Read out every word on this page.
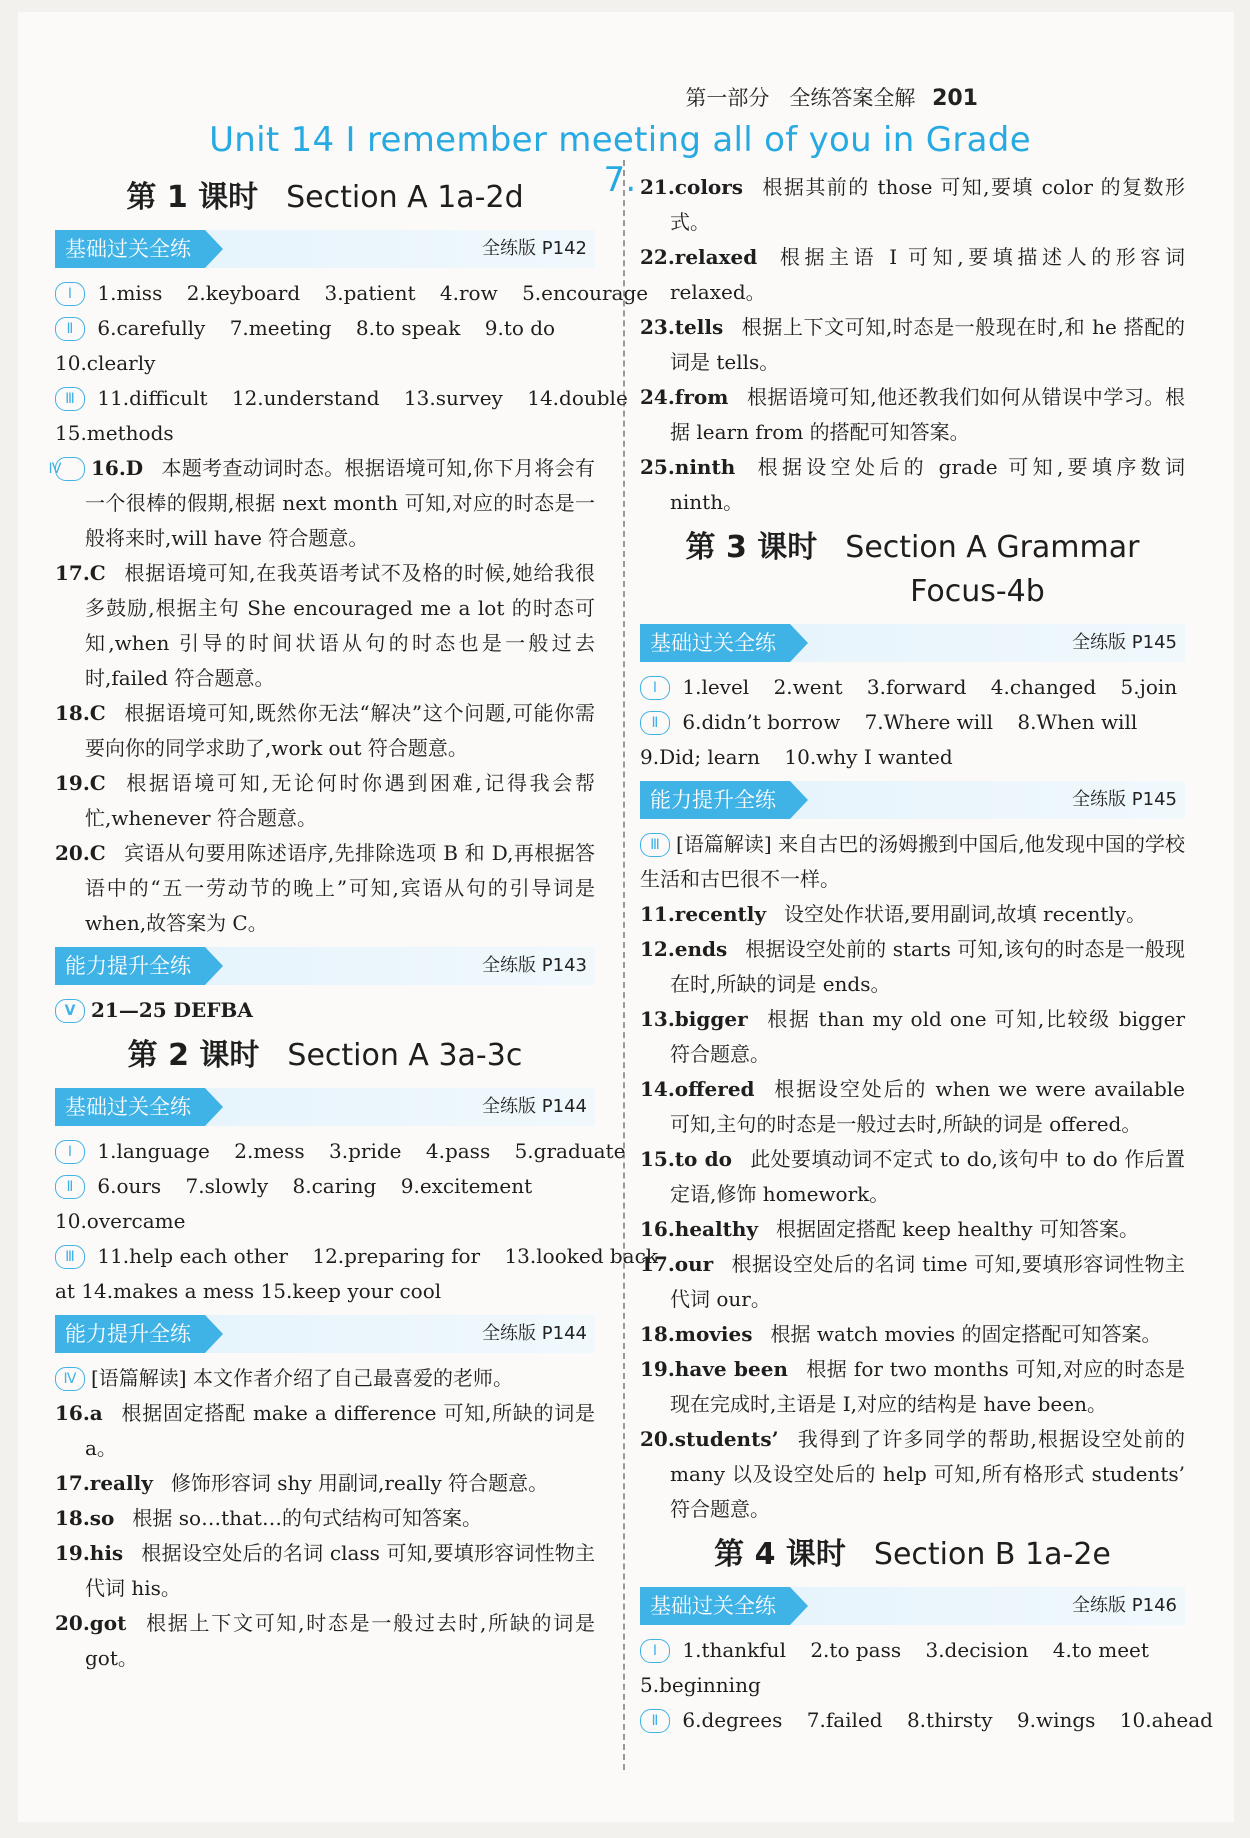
第一部分 全练答案全解 201
Unit 14 I remember meeting all of you in Grade 7.
第 1 课时 Section A 1a-2d
基础过关全练	全练版 P142
Ⅰ 1.miss 2.keyboard 3.patient 4.row 5.encourage
Ⅱ 6.carefully 7.meeting 8.to speak 9.to do
10.clearly
Ⅲ 11.difficult 12.understand 13.survey 14.double
15.methods
Ⅳ 16.D 本题考查动词时态。根据语境可知,你下月将会有一个很棒的假期,根据 next month 可知,对应的时态是一般将来时,will have 符合题意。
17.C 根据语境可知,在我英语考试不及格的时候,她给我很多鼓励,根据主句 She encouraged me a lot 的时态可知,when 引导的时间状语从句的时态也是一般过去时,failed 符合题意。
18.C 根据语境可知,既然你无法“解决”这个问题,可能你需要向你的同学求助了,work out 符合题意。
19.C 根据语境可知,无论何时你遇到困难,记得我会帮忙,whenever 符合题意。
20.C 宾语从句要用陈述语序,先排除选项 B 和 D,再根据答语中的“五一劳动节的晚上”可知,宾语从句的引导词是 when,故答案为 C。
能力提升全练	全练版 P143
Ⅴ 21—25 DEFBA
第 2 课时 Section A 3a-3c
基础过关全练	全练版 P144
Ⅰ 1.language 2.mess 3.pride 4.pass 5.graduate
Ⅱ 6.ours 7.slowly 8.caring 9.excitement
10.overcame
Ⅲ 11.help each other 12.preparing for 13.looked back
at 14.makes a mess 15.keep your cool
能力提升全练	全练版 P144
Ⅳ [语篇解读] 本文作者介绍了自己最喜爱的老师。
16.a 根据固定搭配 make a difference 可知,所缺的词是 a。
17.really 修饰形容词 shy 用副词,really 符合题意。
18.so 根据 so…that…的句式结构可知答案。
19.his 根据设空处后的名词 class 可知,要填形容词性物主代词 his。
20.got 根据上下文可知,时态是一般过去时,所缺的词是 got。
21.colors 根据其前的 those 可知,要填 color 的复数形式。
22.relaxed 根据主语 I 可知,要填描述人的形容词 relaxed。
23.tells 根据上下文可知,时态是一般现在时,和 he 搭配的词是 tells。
24.from 根据语境可知,他还教我们如何从错误中学习。根据 learn from 的搭配可知答案。
25.ninth 根据设空处后的 grade 可知,要填序数词 ninth。
第 3 课时 Section A Grammar
Focus-4b
基础过关全练	全练版 P145
Ⅰ 1.level 2.went 3.forward 4.changed 5.join
Ⅱ 6.didn’t borrow 7.Where will 8.When will
9.Did; learn 10.why I wanted
能力提升全练	全练版 P145
Ⅲ [语篇解读] 来自古巴的汤姆搬到中国后,他发现中国的学校生活和古巴很不一样。
11.recently 设空处作状语,要用副词,故填 recently。
12.ends 根据设空处前的 starts 可知,该句的时态是一般现在时,所缺的词是 ends。
13.bigger 根据 than my old one 可知,比较级 bigger 符合题意。
14.offered 根据设空处后的 when we were available 可知,主句的时态是一般过去时,所缺的词是 offered。
15.to do 此处要填动词不定式 to do,该句中 to do 作后置定语,修饰 homework。
16.healthy 根据固定搭配 keep healthy 可知答案。
17.our 根据设空处后的名词 time 可知,要填形容词性物主代词 our。
18.movies 根据 watch movies 的固定搭配可知答案。
19.have been 根据 for two months 可知,对应的时态是现在完成时,主语是 I,对应的结构是 have been。
20.students’ 我得到了许多同学的帮助,根据设空处前的 many 以及设空处后的 help 可知,所有格形式 students’ 符合题意。
第 4 课时 Section B 1a-2e
基础过关全练	全练版 P146
Ⅰ 1.thankful 2.to pass 3.decision 4.to meet
5.beginning
Ⅱ 6.degrees 7.failed 8.thirsty 9.wings 10.ahead
